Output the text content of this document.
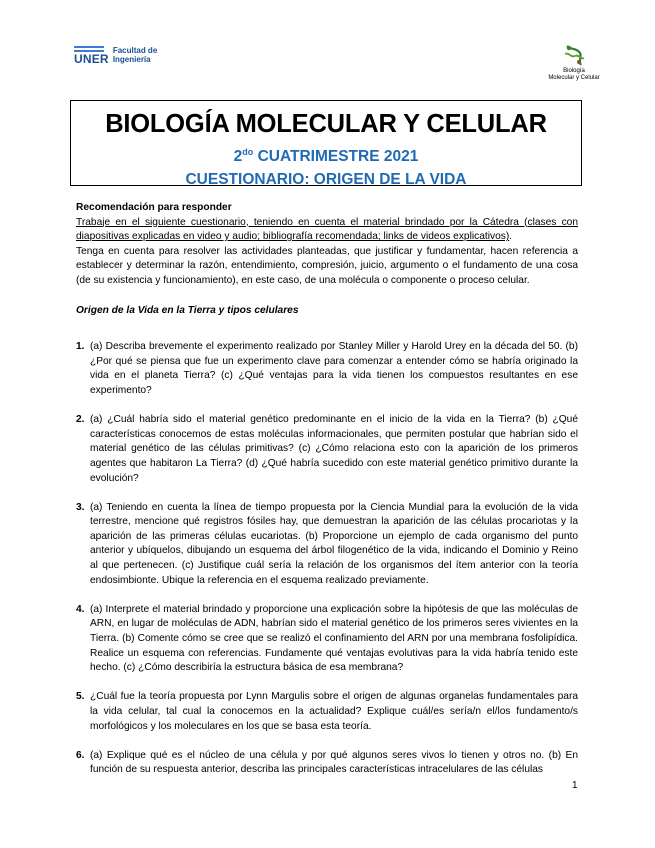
UNER
Facultad de
Ingeniería
Biología
Molecular y Celular
BIOLOGÍA MOLECULAR Y CELULAR
$2^{do}$ CUATRIMESTRE 2021
CUESTIONARIO: ORIGEN DE LA VIDA
Recomendación para responder
Trabaje en el siguiente cuestionario, teniendo en cuenta el material brindado por la Cátedra (clases con diapositivas explicadas en video y audio; bibliografía recomendada; links de videos explicativos).
Tenga en cuenta para resolver las actividades planteadas, que justificar y fundamentar, hacen referencia a establecer y determinar la razón, entendimiento, compresión, juicio, argumento o el fundamento de una cosa (de su existencia y funcionamiento), en este caso, de una molécula o componente o proceso celular.
Origen de la Vida en la Tierra y tipos celulares
1. (a) Describa brevemente el experimento realizado por Stanley Miller y Harold Urey en la década del 50. (b) ¿Por qué se piensa que fue un experimento clave para comenzar a entender cómo se habría originado la vida en el planeta Tierra? (c) ¿Qué ventajas para la vida tienen los compuestos resultantes en ese experimento?
2. (a) ¿Cuál habría sido el material genético predominante en el inicio de la vida en la Tierra? (b) ¿Qué características conocemos de estas moléculas informacionales, que permiten postular que habrían sido el material genético de las células primitivas? (c) ¿Cómo relaciona esto con la aparición de los primeros agentes que habitaron La Tierra? (d) ¿Qué habría sucedido con este material genético primitivo durante la evolución?
3. (a) Teniendo en cuenta la línea de tiempo propuesta por la Ciencia Mundial para la evolución de la vida terrestre, mencione qué registros fósiles hay, que demuestran la aparición de las células procariotas y la aparición de las primeras células eucariotas. (b) Proporcione un ejemplo de cada organismo del punto anterior y ubíquelos, dibujando un esquema del árbol filogenético de la vida, indicando el Dominio y Reino al que pertenecen. (c) Justifique cuál sería la relación de los organismos del ítem anterior con la teoría endosimbionte. Ubique la referencia en el esquema realizado previamente.
4. (a) Interprete el material brindado y proporcione una explicación sobre la hipótesis de que las moléculas de ARN, en lugar de moléculas de ADN, habrían sido el material genético de los primeros seres vivientes en la Tierra. (b) Comente cómo se cree que se realizó el confinamiento del ARN por una membrana fosfolipídica. Realice un esquema con referencias. Fundamente qué ventajas evolutivas para la vida habría tenido este hecho. (c) ¿Cómo describiría la estructura básica de esa membrana?
5. ¿Cuál fue la teoría propuesta por Lynn Margulis sobre el origen de algunas organelas fundamentales para la vida celular, tal cual la conocemos en la actualidad? Explique cuál/es sería/n el/los fundamento/s morfológicos y los moleculares en los que se basa esta teoría.
6. (a) Explique qué es el núcleo de una célula y por qué algunos seres vivos lo tienen y otros no. (b) En función de su respuesta anterior, describa las principales características intracelulares de las células
1
